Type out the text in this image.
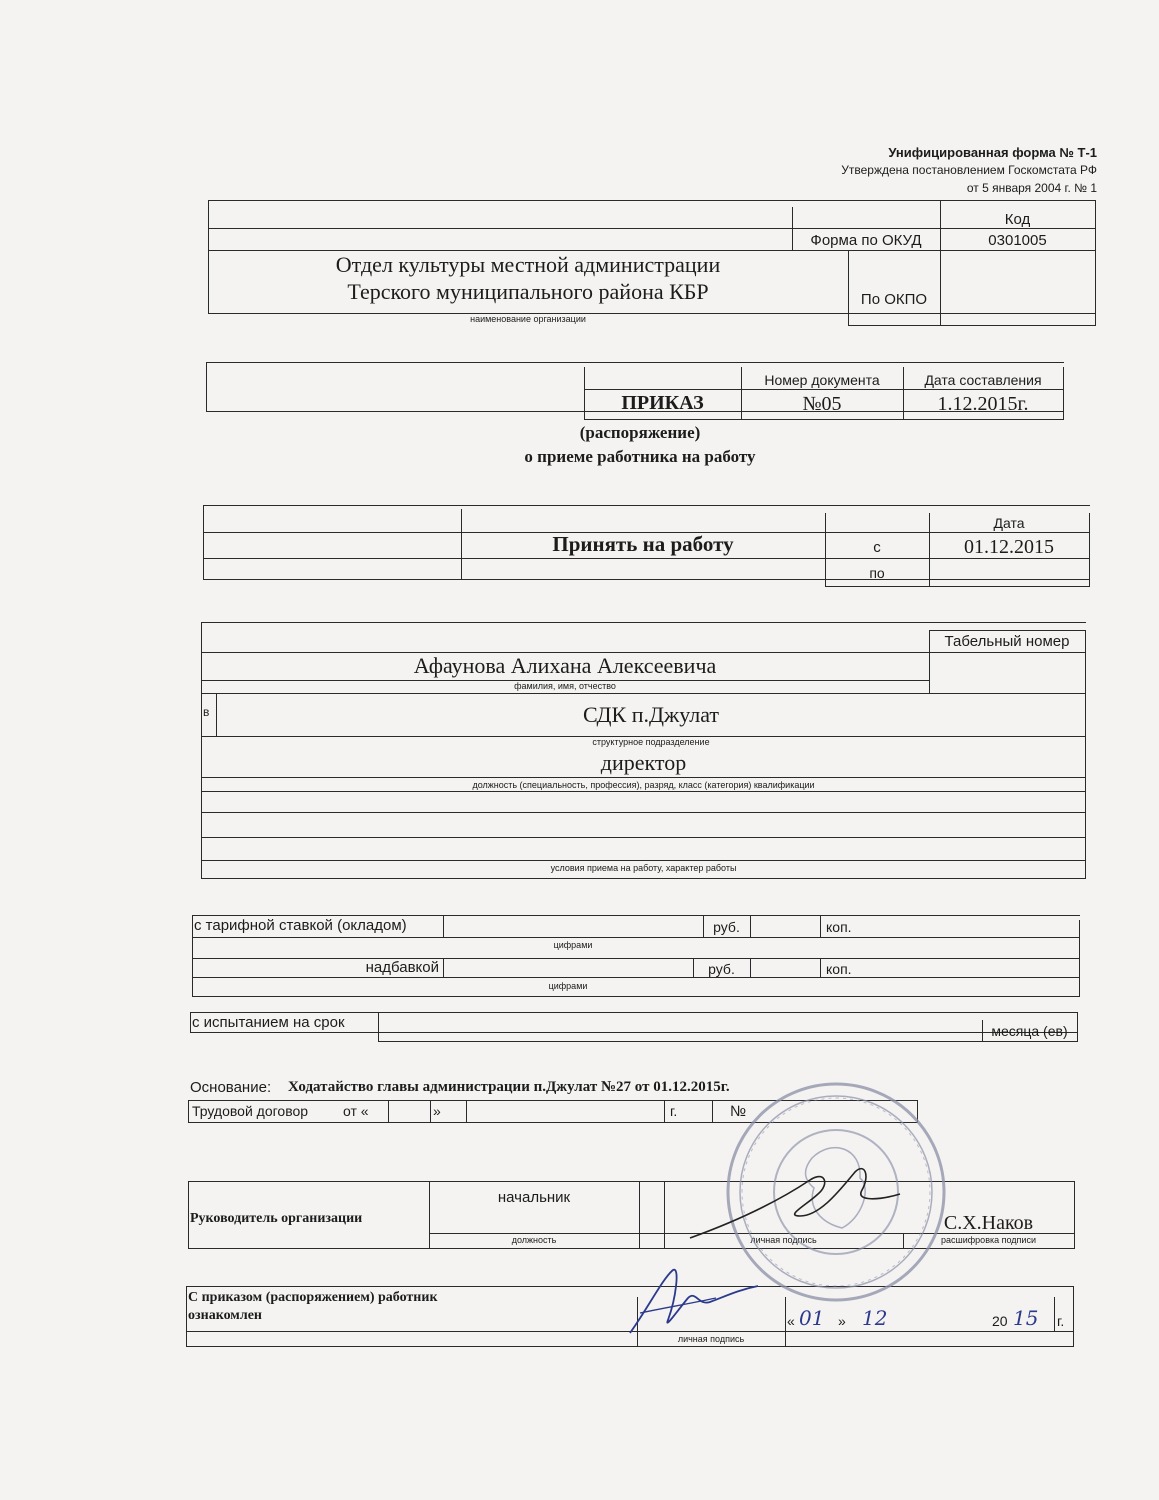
Унифицированная форма № Т-1
Утверждена постановлением Госкомстата РФ
от 5 января 2004 г. № 1
Код
Форма по ОКУД	0301005
По ОКПО
Отдел культуры местной администрации
Терского муниципального района КБР
наименование организации
Номер документа	Дата составления
ПРИКАЗ	№05	1.12.2015г.
(распоряжение)
о приеме работника на работу
Принять на работу
Дата
с	01.12.2015
по
Табельный номер
Афаунова Алихана Алексеевича
фамилия, имя, отчество
в	СДК п.Джулат
структурное подразделение
директор
должность (специальность, профессия), разряд, класс (категория) квалификации
условия приема на работу, характер работы
с тарифной ставкой (окладом)	руб.	коп.
цифрами
надбавкой	руб.	коп.
цифрами
с испытанием на срок	месяца (ев)
Основание: Ходатайство главы администрации п.Джулат №27 от 01.12.2015г.
Трудовой договор от «	»	г.	№
Руководитель организации
начальник
должность	личная подпись
С.Х.Наков
расшифровка подписи
С приказом (распоряжением) работник
ознакомлен
личная подпись
« 01 » 12	20 15 г.
